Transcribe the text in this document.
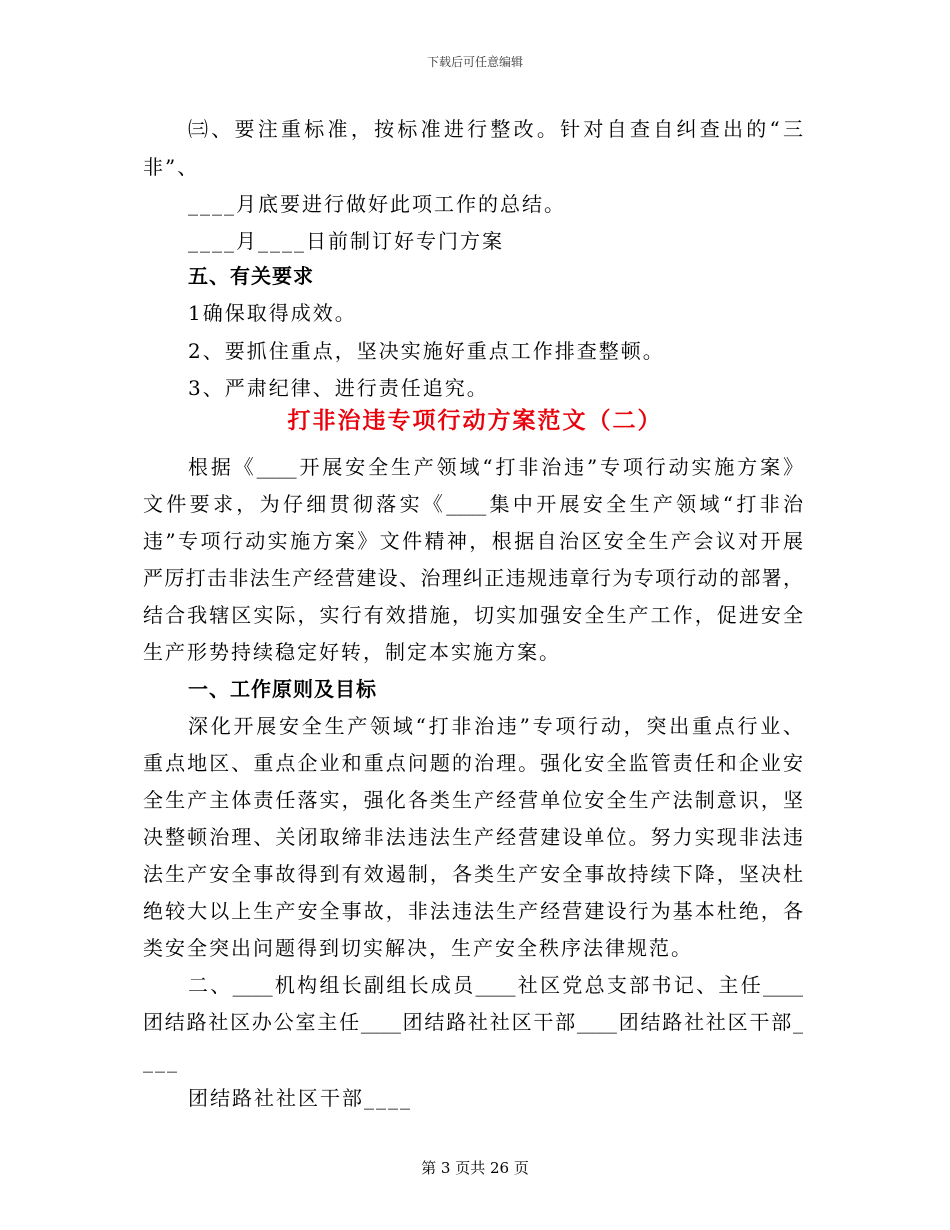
下载后可任意编辑
㈢、要注重标准，按标准进行整改。针对自查自纠查出的“三
非”、
____月底要进行做好此项工作的总结。
____月____日前制订好专门方案
五、有关要求
1确保取得成效。
2、要抓住重点，坚决实施好重点工作排查整顿。
3、严肃纪律、进行责任追究。
打非治违专项行动方案范文（二）
根据《____开展安全生产领域“打非治违”专项行动实施方案》
文件要求，为仔细贯彻落实《____集中开展安全生产领域“打非治
违”专项行动实施方案》文件精神，根据自治区安全生产会议对开展
严厉打击非法生产经营建设、治理纠正违规违章行为专项行动的部署，
结合我辖区实际，实行有效措施，切实加强安全生产工作，促进安全
生产形势持续稳定好转，制定本实施方案。
一、工作原则及目标
深化开展安全生产领域“打非治违”专项行动，突出重点行业、
重点地区、重点企业和重点问题的治理。强化安全监管责任和企业安
全生产主体责任落实，强化各类生产经营单位安全生产法制意识，坚
决整顿治理、关闭取缔非法违法生产经营建设单位。努力实现非法违
法生产安全事故得到有效遏制，各类生产安全事故持续下降，坚决杜
绝较大以上生产安全事故，非法违法生产经营建设行为基本杜绝，各
类安全突出问题得到切实解决，生产安全秩序法律规范。
二、____机构组长副组长成员____社区党总支部书记、主任____
团结路社区办公室主任____团结路社社区干部____团结路社社区干部_
___
团结路社社区干部____
第 3 页共 26 页
